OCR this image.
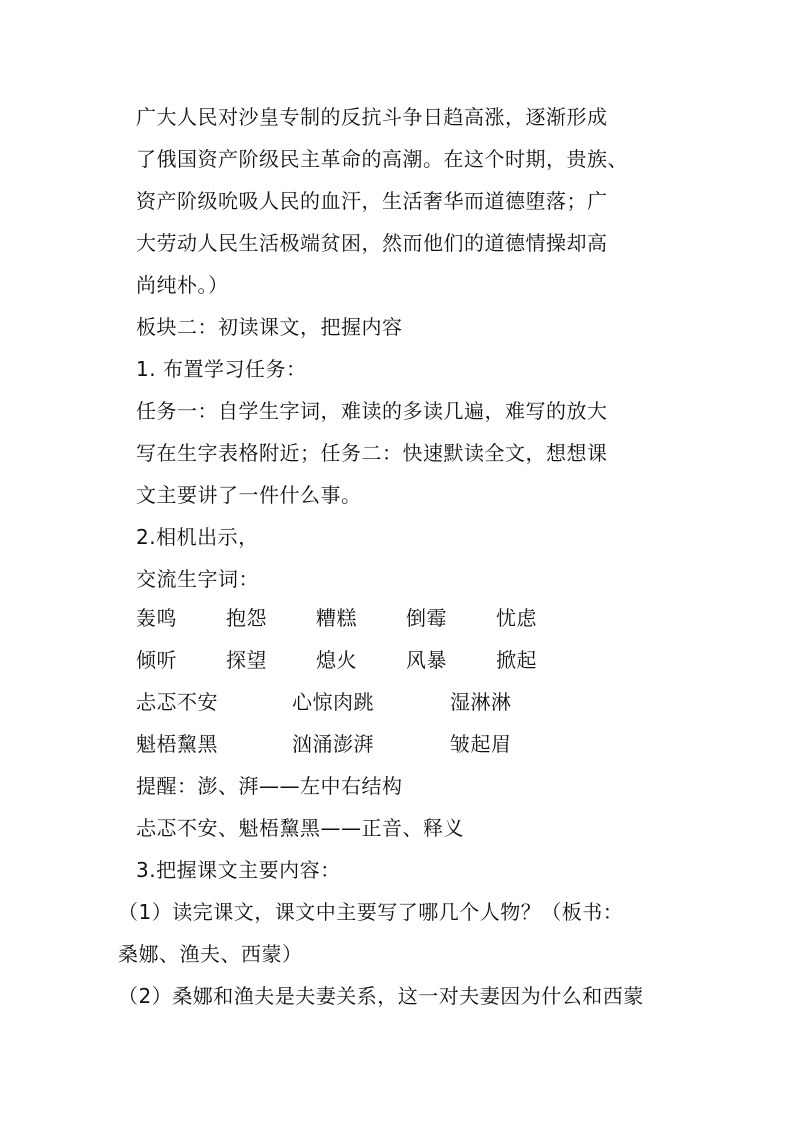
广大人民对沙皇专制的反抗斗争日趋高涨，逐渐形成
了俄国资产阶级民主革命的高潮。在这个时期，贵族、
资产阶级吮吸人民的血汗，生活奢华而道德堕落；广
大劳动人民生活极端贫困，然而他们的道德情操却高
尚纯朴。）
板块二：初读课文，把握内容
1. 布置学习任务：
任务一：自学生字词，难读的多读几遍，难写的放大
写在生字表格附近；任务二：快速默读全文，想想课
文主要讲了一件什么事。
2.相机出示，
交流生字词：
轰鸣 抱怨 糟糕 倒霉 忧虑
倾听 探望 熄火 风暴 掀起
忐忑不安	心惊肉跳	湿淋淋
魁梧黧黑	汹涌澎湃	皱起眉
提醒：澎、湃——左中右结构
忐忑不安、魁梧黧黑——正音、释义
3.把握课文主要内容：
（1）读完课文，课文中主要写了哪几个人物？（板书：
桑娜、渔夫、西蒙）
（2）桑娜和渔夫是夫妻关系，这一对夫妻因为什么和西蒙
